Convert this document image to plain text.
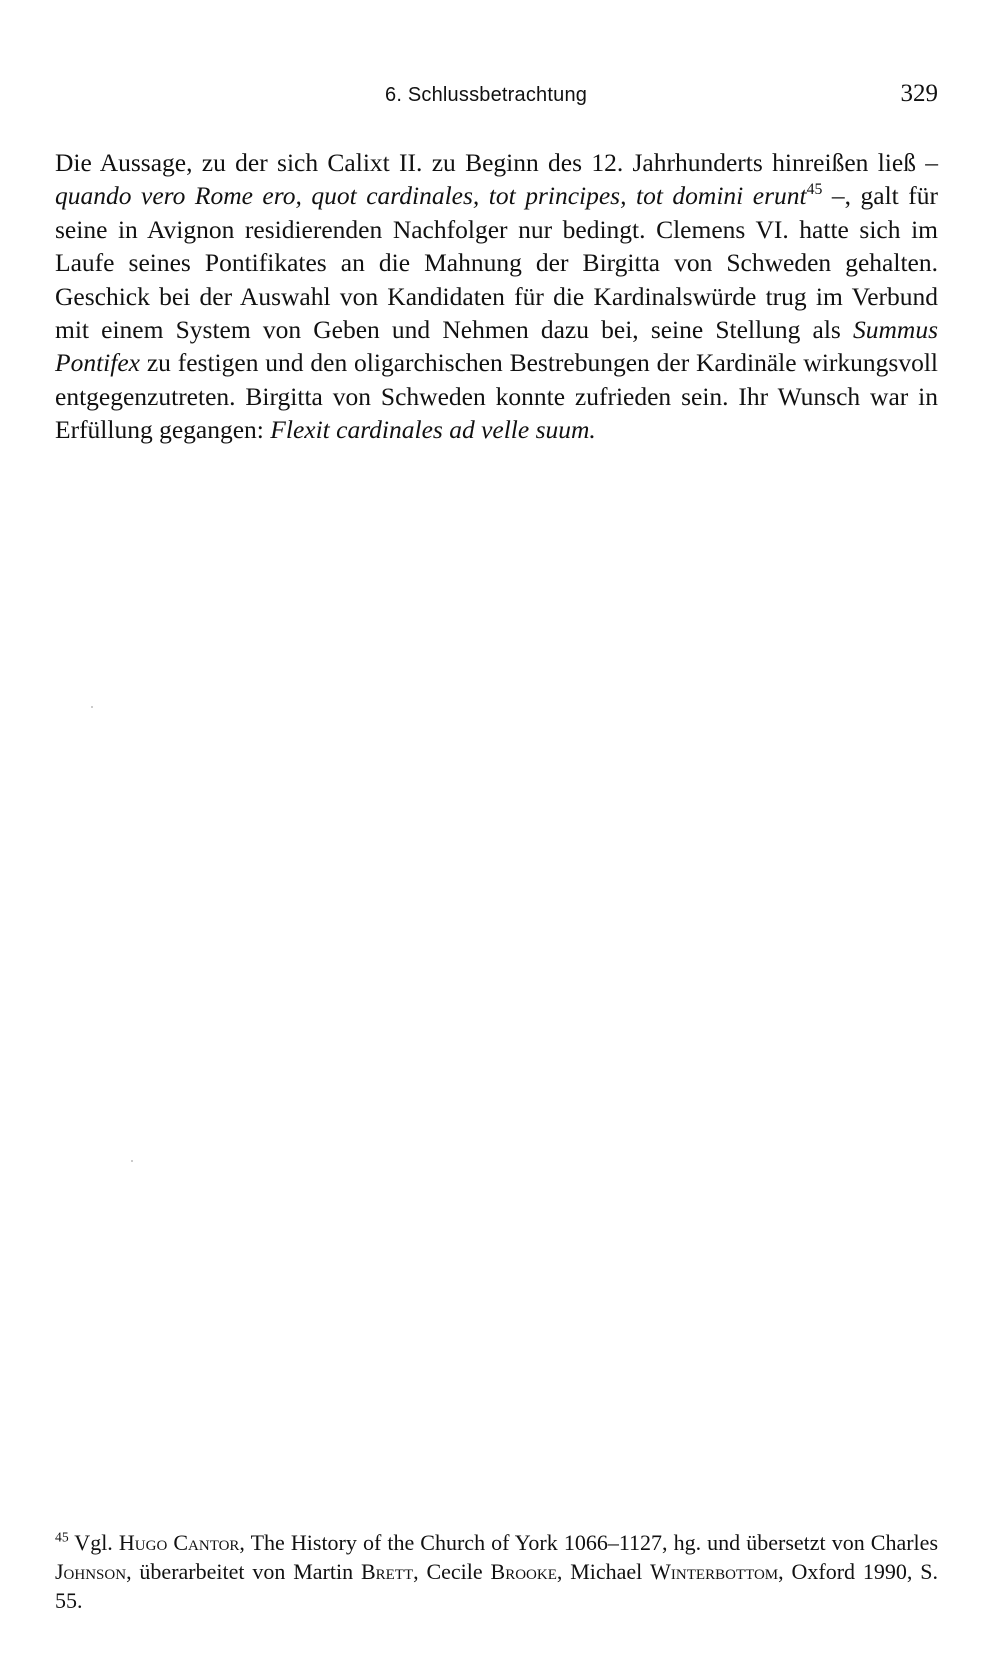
6. Schlussbetrachtung	329

Die Aussage, zu der sich Calixt II. zu Beginn des 12. Jahrhunderts hinreißen ließ – quando vero Rome ero, quot cardinales, tot principes, tot domini erunt$^{45}$ –, galt für seine in Avignon residierenden Nachfolger nur bedingt. Clemens VI. hatte sich im Laufe seines Pontifikates an die Mahnung der Birgitta von Schweden gehalten. Geschick bei der Auswahl von Kandidaten für die Kardinalswürde trug im Verbund mit einem System von Geben und Nehmen dazu bei, seine Stellung als Summus Pontifex zu festigen und den oligarchischen Bestrebungen der Kardinäle wirkungsvoll entgegenzutreten. Birgitta von Schweden konnte zufrieden sein. Ihr Wunsch war in Erfüllung gegangen: Flexit cardinales ad velle suum.

$^{45}$ Vgl. Hugo Cantor, The History of the Church of York 1066–1127, hg. und übersetzt von Charles Johnson, überarbeitet von Martin Brett, Cecile Brooke, Michael Winterbottom, Oxford 1990, S. 55.
